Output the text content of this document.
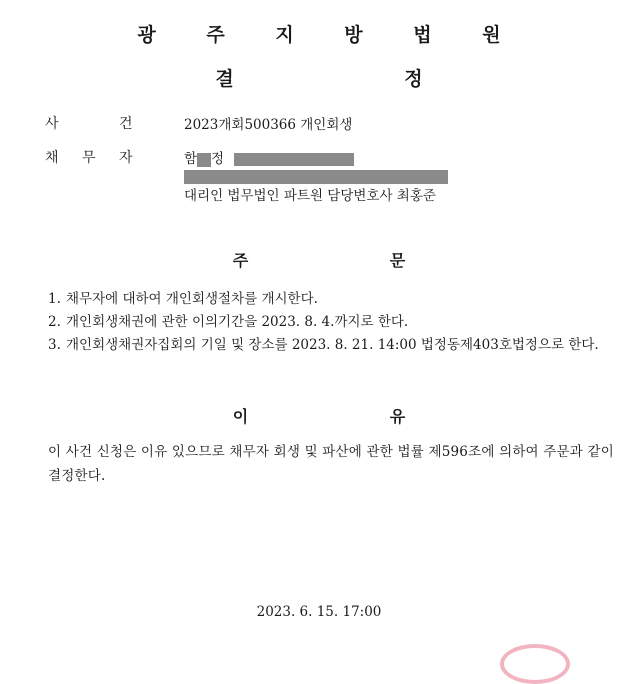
광 주 지 방 법 원
결 정
사	건	2023개회500366 개인회생
채 무 자	함 정
대리인 법무법인 파트원 담당변호사 최홍준
주 문
1. 채무자에 대하여 개인회생절차를 개시한다.
2. 개인회생채권에 관한 이의기간을 2023. 8. 4.까지로 한다.
3. 개인회생채권자집회의 기일 및 장소를 2023. 8. 21. 14:00 법정동제403호법정으로 한다.
이 유
이 사건 신청은 이유 있으므로 채무자 회생 및 파산에 관한 법률 제596조에 의하여 주문과 같이 결정한다.
2023. 6. 15. 17:00
